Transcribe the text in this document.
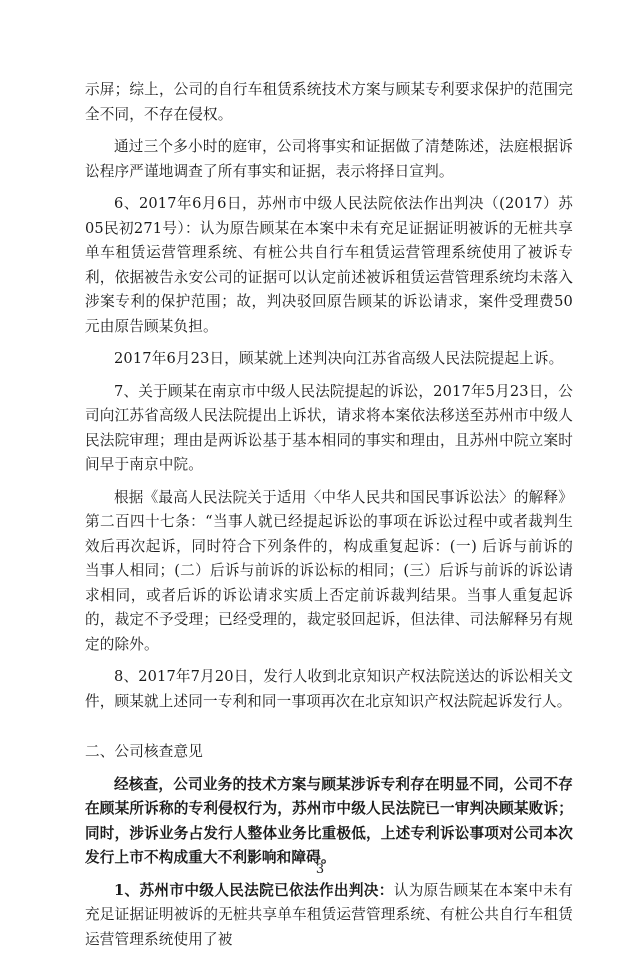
示屏；综上，公司的自行车租赁系统技术方案与顾某专利要求保护的范围完全不同，不存在侵权。

通过三个多小时的庭审，公司将事实和证据做了清楚陈述，法庭根据诉讼程序严谨地调查了所有事实和证据，表示将择日宣判。

6、2017年6月6日，苏州市中级人民法院依法作出判决（(2017）苏05民初271号）：认为原告顾某在本案中未有充足证据证明被诉的无桩共享单车租赁运营管理系统、有桩公共自行车租赁运营管理系统使用了被诉专利，依据被告永安公司的证据可以认定前述被诉租赁运营管理系统均未落入涉案专利的保护范围；故，判决驳回原告顾某的诉讼请求，案件受理费50元由原告顾某负担。

2017年6月23日，顾某就上述判决向江苏省高级人民法院提起上诉。

7、关于顾某在南京市中级人民法院提起的诉讼，2017年5月23日，公司向江苏省高级人民法院提出上诉状，请求将本案依法移送至苏州市中级人民法院审理；理由是两诉讼基于基本相同的事实和理由，且苏州中院立案时间早于南京中院。

根据《最高人民法院关于适用〈中华人民共和国民事诉讼法〉的解释》第二百四十七条：“当事人就已经提起诉讼的事项在诉讼过程中或者裁判生效后再次起诉，同时符合下列条件的，构成重复起诉：(一) 后诉与前诉的当事人相同；(二）后诉与前诉的诉讼标的相同；(三）后诉与前诉的诉讼请求相同，或者后诉的诉讼请求实质上否定前诉裁判结果。当事人重复起诉的，裁定不予受理；已经受理的，裁定驳回起诉，但法律、司法解释另有规定的除外。

8、2017年7月20日，发行人收到北京知识产权法院送达的诉讼相关文件，顾某就上述同一专利和同一事项再次在北京知识产权法院起诉发行人。

二、公司核查意见

经核查，公司业务的技术方案与顾某涉诉专利存在明显不同，公司不存在顾某所诉称的专利侵权行为，苏州市中级人民法院已一审判决顾某败诉；同时，涉诉业务占发行人整体业务比重极低，上述专利诉讼事项对公司本次发行上市不构成重大不利影响和障碍。

1、苏州市中级人民法院已依法作出判决：认为原告顾某在本案中未有充足证据证明被诉的无桩共享单车租赁运营管理系统、有桩公共自行车租赁运营管理系统使用了被

3
